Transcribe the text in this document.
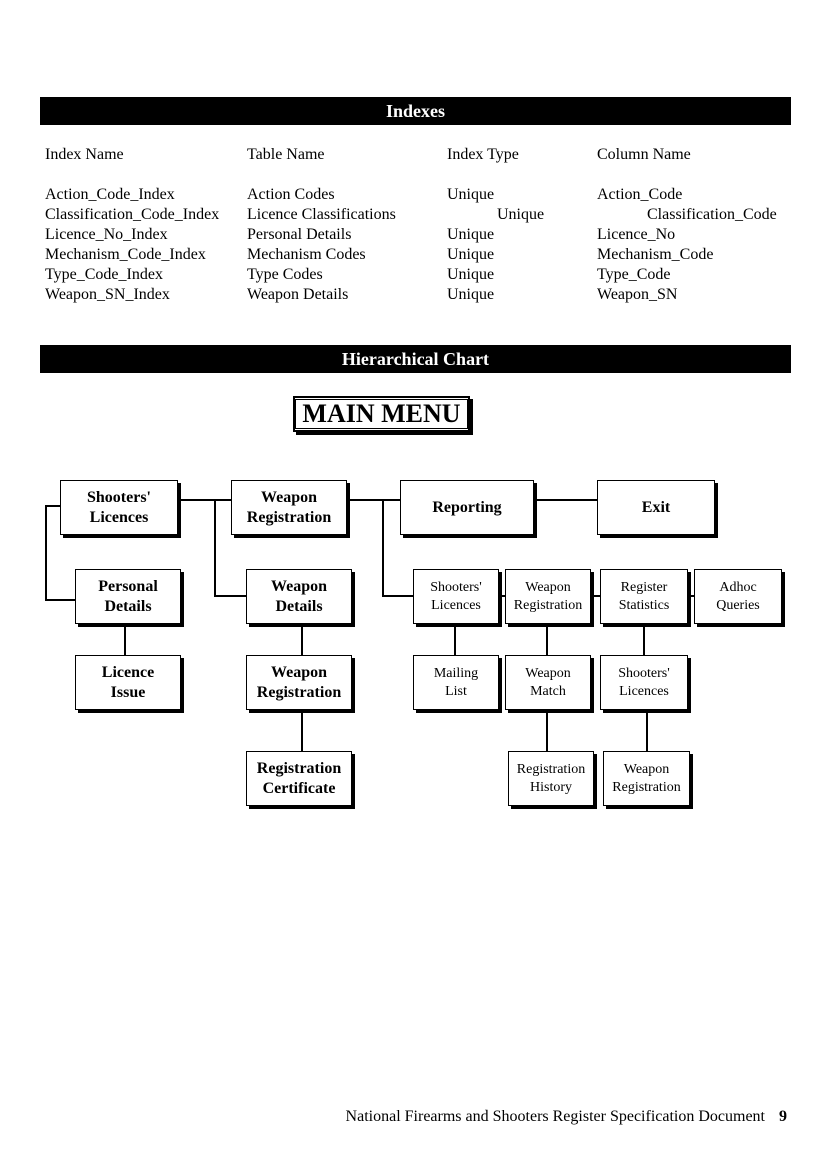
Indexes
Index Name	Table Name	Index Type	Column Name
Action_Code_Index	Action Codes	Unique	Action_Code
Classification_Code_Index Licence Classifications	Unique	Classification_Code
Licence_No_Index	Personal Details	Unique	Licence_No
Mechanism_Code_Index	Mechanism Codes	Unique	Mechanism_Code
Type_Code_Index	Type Codes	Unique	Type_Code
Weapon_SN_Index	Weapon Details	Unique	Weapon_SN
Hierarchical Chart
MAIN MENU
Shooters'
Licences
Weapon
Registration
Reporting	Exit
Personal
Details
Licence
Issue
Weapon
Details
Weapon
Registration
Registration
Certificate
Shooters'
Licences
Weapon
Registration
Register
Statistics
Adhoc
Queries
Mailing
List
Weapon
Match
Shooters'
Licences
Registration
History
Weapon
Registration
National Firearms and Shooters Register Specification Document 9
